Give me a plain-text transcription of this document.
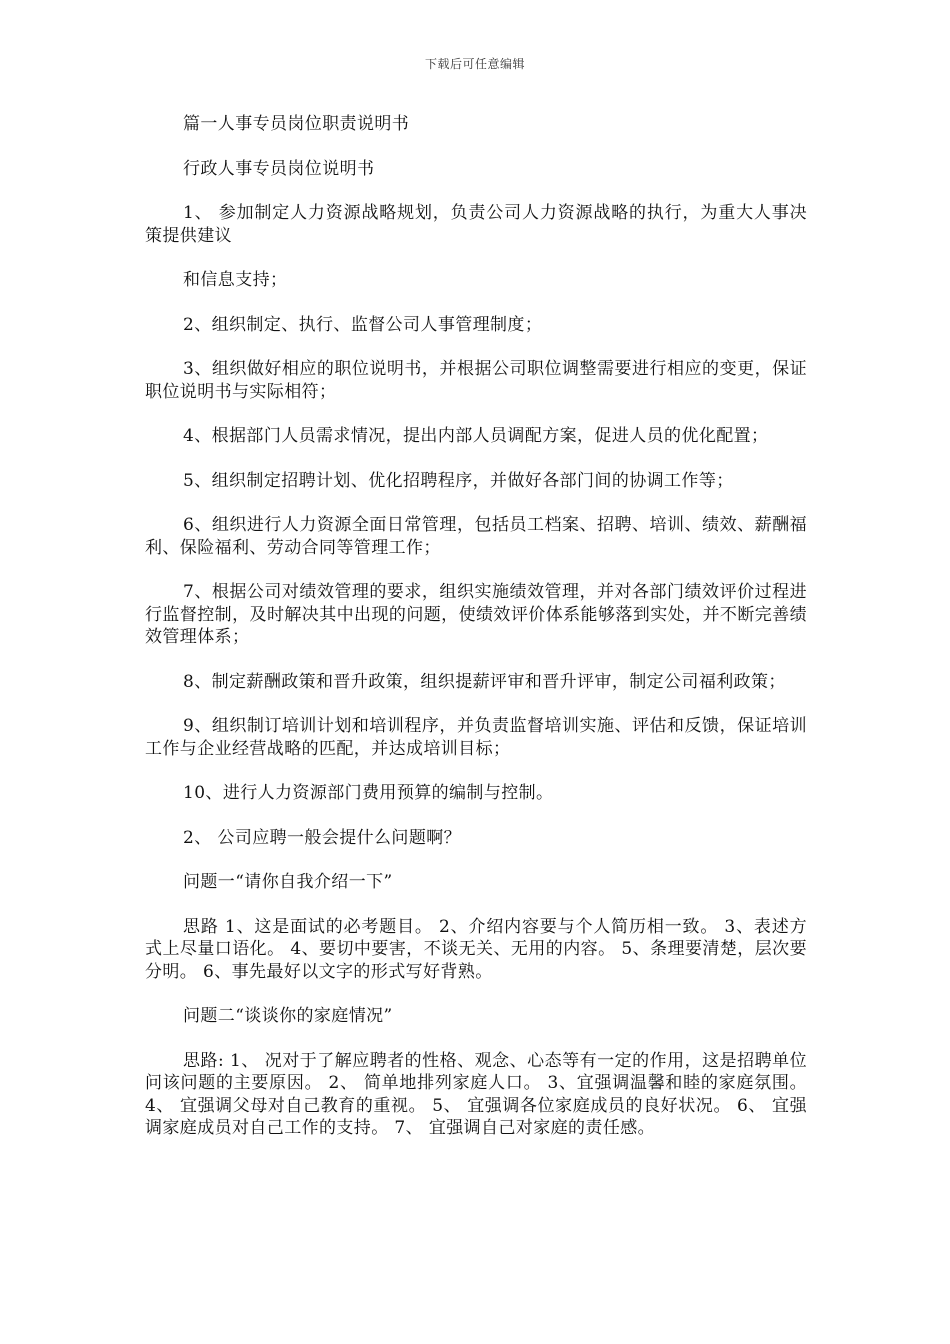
下载后可任意编辑

篇一人事专员岗位职责说明书

行政人事专员岗位说明书

1、 参加制定人力资源战略规划，负责公司人力资源战略的执行，为重大人事决策提供建议

和信息支持；

2、组织制定、执行、监督公司人事管理制度；

3、组织做好相应的职位说明书，并根据公司职位调整需要进行相应的变更，保证职位说明书与实际相符；

4、根据部门人员需求情况，提出内部人员调配方案，促进人员的优化配置；

5、组织制定招聘计划、优化招聘程序，并做好各部门间的协调工作等；

6、组织进行人力资源全面日常管理，包括员工档案、招聘、培训、绩效、薪酬福利、保险福利、劳动合同等管理工作；

7、根据公司对绩效管理的要求，组织实施绩效管理，并对各部门绩效评价过程进行监督控制，及时解决其中出现的问题，使绩效评价体系能够落到实处，并不断完善绩效管理体系；

8、制定薪酬政策和晋升政策，组织提薪评审和晋升评审，制定公司福利政策；

9、组织制订培训计划和培训程序，并负责监督培训实施、评估和反馈，保证培训工作与企业经营战略的匹配，并达成培训目标；

10、进行人力资源部门费用预算的编制与控制。

2、 公司应聘一般会提什么问题啊？

问题一“请你自我介绍一下”

思路 1、这是面试的必考题目。 2、介绍内容要与个人简历相一致。 3、表述方式上尽量口语化。 4、要切中要害，不谈无关、无用的内容。 5、条理要清楚，层次要分明。 6、事先最好以文字的形式写好背熟。

问题二“谈谈你的家庭情况”

思路: 1、 况对于了解应聘者的性格、观念、心态等有一定的作用，这是招聘单位问该问题的主要原因。 2、 简单地排列家庭人口。 3、宜强调温馨和睦的家庭氛围。 4、 宜强调父母对自己教育的重视。 5、 宜强调各位家庭成员的良好状况。 6、 宜强调家庭成员对自己工作的支持。 7、 宜强调自己对家庭的责任感。
